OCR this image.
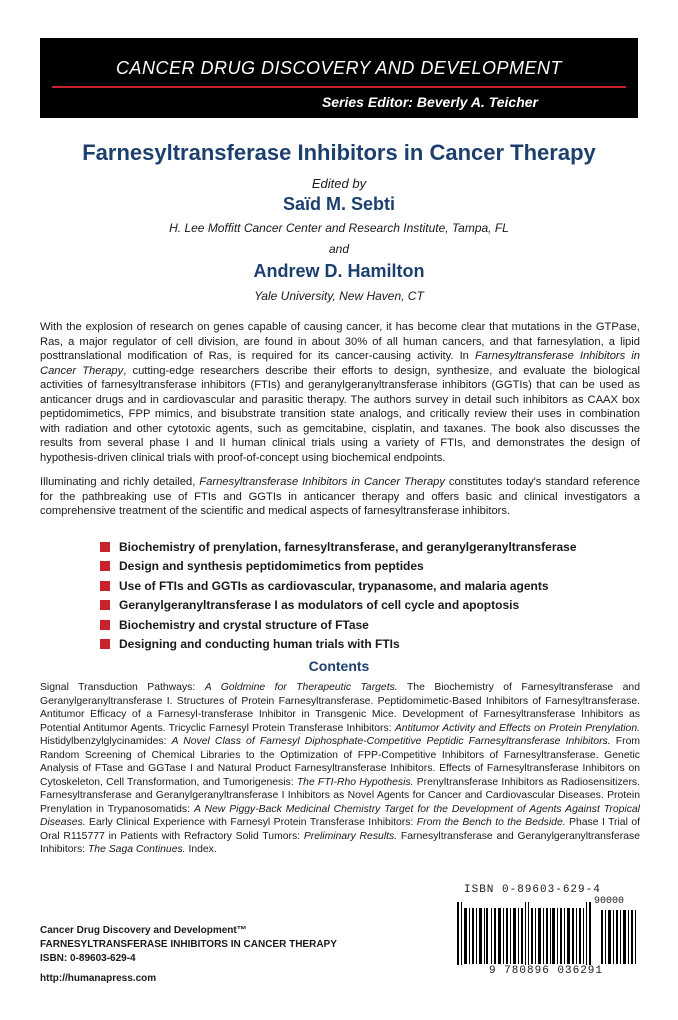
CANCER DRUG DISCOVERY AND DEVELOPMENT
Series Editor: Beverly A. Teicher
Farnesyltransferase Inhibitors in Cancer Therapy
Edited by
Saïd M. Sebti
H. Lee Moffitt Cancer Center and Research Institute, Tampa, FL
and
Andrew D. Hamilton
Yale University, New Haven, CT
With the explosion of research on genes capable of causing cancer, it has become clear that mutations in the GTPase, Ras, a major regulator of cell division, are found in about 30% of all human cancers, and that farnesylation, a lipid posttranslational modification of Ras, is required for its cancer-causing activity. In Farnesyltransferase Inhibitors in Cancer Therapy, cutting-edge researchers describe their efforts to design, synthesize, and evaluate the biological activities of farnesyltransferase inhibitors (FTIs) and geranylgeranyltransferase inhibitors (GGTIs) that can be used as anticancer drugs and in cardiovascular and parasitic therapy. The authors survey in detail such inhibitors as CAAX box peptidomimetics, FPP mimics, and bisubstrate transition state analogs, and critically review their uses in combination with radiation and other cytotoxic agents, such as gemcitabine, cisplatin, and taxanes. The book also discusses the results from several phase I and II human clinical trials using a variety of FTIs, and demonstrates the design of hypothesis-driven clinical trials with proof-of-concept using biochemical endpoints.
Illuminating and richly detailed, Farnesyltransferase Inhibitors in Cancer Therapy constitutes today's standard reference for the pathbreaking use of FTIs and GGTIs in anticancer therapy and offers basic and clinical investigators a comprehensive treatment of the scientific and medical aspects of farnesyltransferase inhibitors.
Biochemistry of prenylation, farnesyltransferase, and geranylgeranyltransferase
Design and synthesis peptidomimetics from peptides
Use of FTIs and GGTIs as cardiovascular, trypanasome, and malaria agents
Geranylgeranyltransferase I as modulators of cell cycle and apoptosis
Biochemistry and crystal structure of FTase
Designing and conducting human trials with FTIs
Contents
Signal Transduction Pathways: A Goldmine for Therapeutic Targets. The Biochemistry of Farnesyltransferase and Geranylgeranyltransferase I. Structures of Protein Farnesyltransferase. Peptidomimetic-Based Inhibitors of Farnesyltransferase. Antitumor Efficacy of a Farnesyl-transferase Inhibitor in Transgenic Mice. Development of Farnesyltransferase Inhibitors as Potential Antitumor Agents. Tricyclic Farnesyl Protein Transferase Inhibitors: Antitumor Activity and Effects on Protein Prenylation. Histidylbenzylglycinamides: A Novel Class of Farnesyl Diphosphate-Competitive Peptidic Farnesyltransferase Inhibitors. From Random Screening of Chemical Libraries to the Optimization of FPP-Competitive Inhibitors of Farnesyltransferase. Genetic Analysis of FTase and GGTase I and Natural Product Farnesyltransferase Inhibitors. Effects of Farnesyltransferase Inhibitors on Cytoskeleton, Cell Transformation, and Tumorigenesis: The FTI-Rho Hypothesis. Prenyltransferase Inhibitors as Radiosensitizers. Farnesyltransferase and Geranylgeranyltransferase I Inhibitors as Novel Agents for Cancer and Cardiovascular Diseases. Protein Prenylation in Trypanosomatids: A New Piggy-Back Medicinal Chemistry Target for the Development of Agents Against Tropical Diseases. Early Clinical Experience with Farnesyl Protein Transferase Inhibitors: From the Bench to the Bedside. Phase I Trial of Oral R115777 in Patients with Refractory Solid Tumors: Preliminary Results. Farnesyltransferase and Geranylgeranyltransferase Inhibitors: The Saga Continues. Index.
Cancer Drug Discovery and Development™
FARNESYLTRANSFERASE INHIBITORS IN CANCER THERAPY
ISBN: 0-89603-629-4
http://humanapress.com
ISBN 0-89603-629-4
90000
9 780896 036291
